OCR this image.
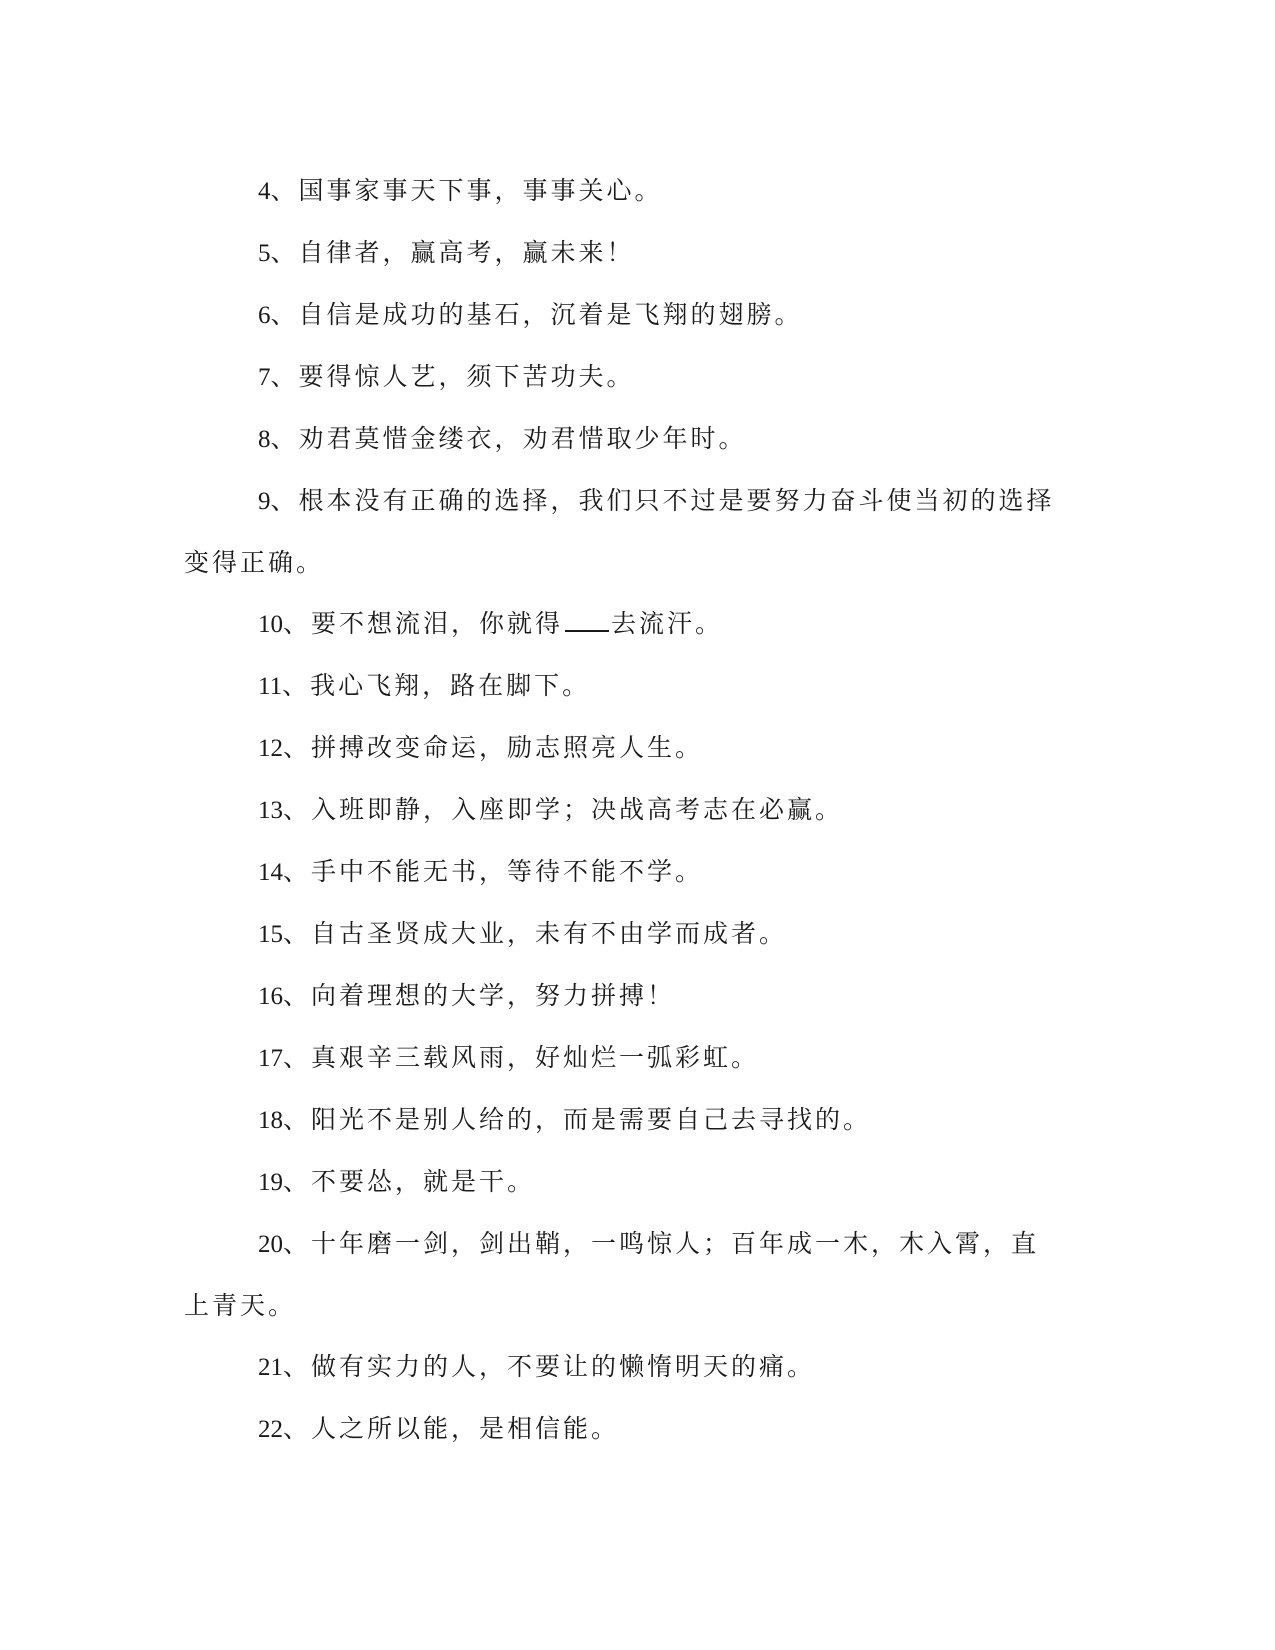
4、国事家事天下事，事事关心。

5、自律者，赢高考，赢未来！

6、自信是成功的基石，沉着是飞翔的翅膀。

7、要得惊人艺，须下苦功夫。

8、劝君莫惜金缕衣，劝君惜取少年时。

9、根本没有正确的选择，我们只不过是要努力奋斗使当初的选择变得正确。

10、要不想流泪，你就得 去流汗。

11、我心飞翔，路在脚下。

12、拼搏改变命运，励志照亮人生。

13、入班即静，入座即学；决战高考志在必赢。

14、手中不能无书，等待不能不学。

15、自古圣贤成大业，未有不由学而成者。

16、向着理想的大学，努力拼搏！

17、真艰辛三载风雨，好灿烂一弧彩虹。

18、阳光不是别人给的，而是需要自己去寻找的。

19、不要怂，就是干。

20、十年磨一剑，剑出鞘，一鸣惊人；百年成一木，木入霄，直上青天。

21、做有实力的人，不要让的懒惰明天的痛。

22、人之所以能，是相信能。
